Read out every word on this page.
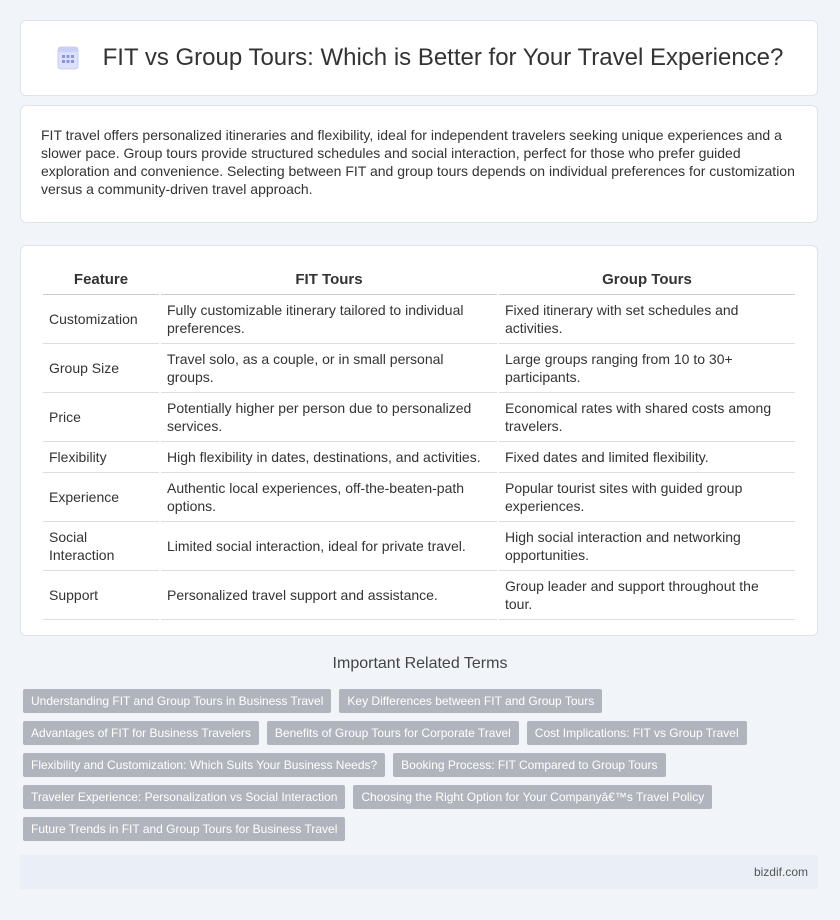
FIT vs Group Tours: Which is Better for Your Travel Experience?

FIT travel offers personalized itineraries and flexibility, ideal for independent travelers seeking unique experiences and a slower pace. Group tours provide structured schedules and social interaction, perfect for those who prefer guided exploration and convenience. Selecting between FIT and group tours depends on individual preferences for customization versus a community-driven travel approach.

Feature	FIT Tours	Group Tours
Customization	Fully customizable itinerary tailored to individual preferences.	Fixed itinerary with set schedules and activities.
Group Size	Travel solo, as a couple, or in small personal groups.	Large groups ranging from 10 to 30+ participants.
Price	Potentially higher per person due to personalized services.	Economical rates with shared costs among travelers.
Flexibility	High flexibility in dates, destinations, and activities.	Fixed dates and limited flexibility.
Experience	Authentic local experiences, off-the-beaten-path options.	Popular tourist sites with guided group experiences.
Social Interaction	Limited social interaction, ideal for private travel.	High social interaction and networking opportunities.
Support	Personalized travel support and assistance.	Group leader and support throughout the tour.
Important Related Terms
Understanding FIT and Group Tours in Business Travel	Key Differences between FIT and Group Tours
Advantages of FIT for Business Travelers	Benefits of Group Tours for Corporate Travel	Cost Implications: FIT vs Group Travel
Flexibility and Customization: Which Suits Your Business Needs?	Booking Process: FIT Compared to Group Tours
Traveler Experience: Personalization vs Social Interaction	Choosing the Right Option for Your Companyâ€™s Travel Policy
Future Trends in FIT and Group Tours for Business Travel
bizdif.com
